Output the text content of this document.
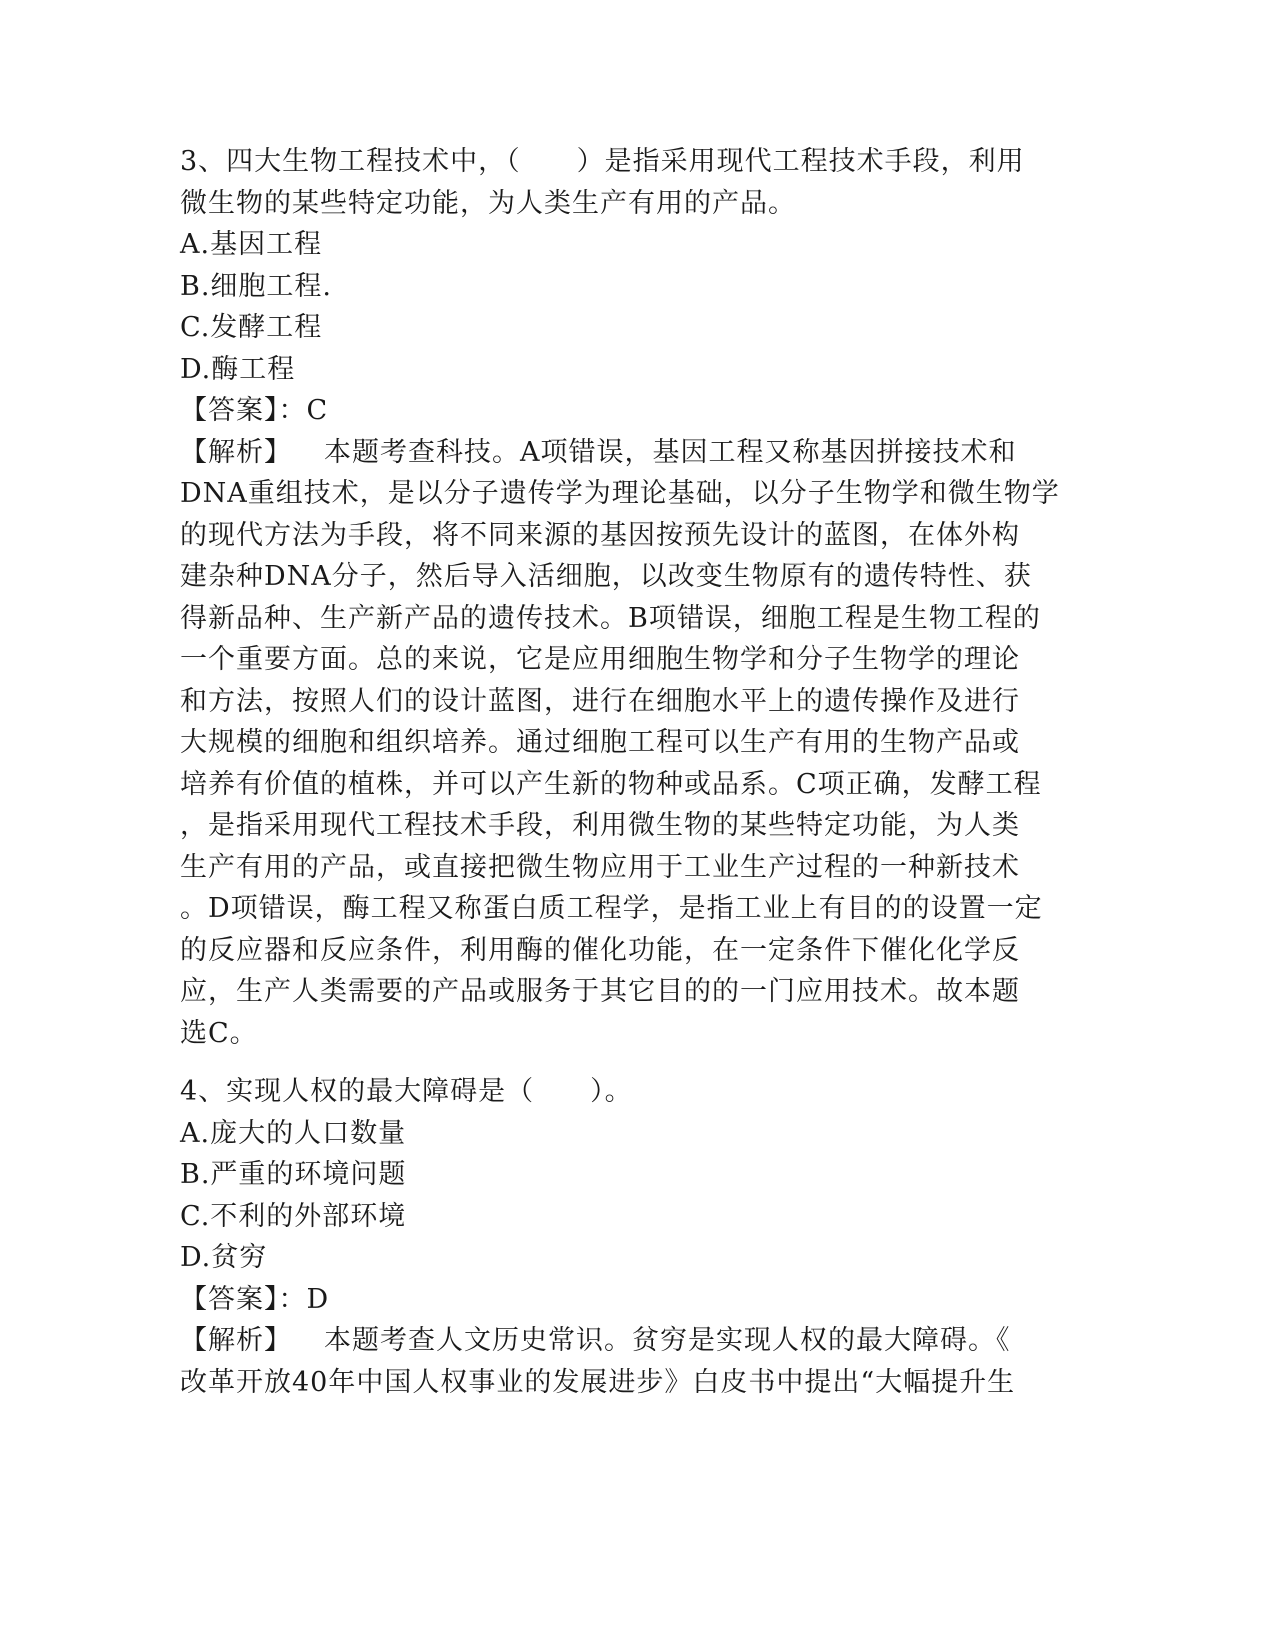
3、四大生物工程技术中，（　　）是指采用现代工程技术手段，利用
微生物的某些特定功能，为人类生产有用的产品。
A.基因工程
B.细胞工程.
C.发酵工程
D.酶工程
【答案】：C
【解析】 本题考查科技。A项错误，基因工程又称基因拼接技术和
DNA重组技术，是以分子遗传学为理论基础，以分子生物学和微生物学
的现代方法为手段，将不同来源的基因按预先设计的蓝图，在体外构
建杂种DNA分子，然后导入活细胞，以改变生物原有的遗传特性、获
得新品种、生产新产品的遗传技术。B项错误，细胞工程是生物工程的
一个重要方面。总的来说，它是应用细胞生物学和分子生物学的理论
和方法，按照人们的设计蓝图，进行在细胞水平上的遗传操作及进行
大规模的细胞和组织培养。通过细胞工程可以生产有用的生物产品或
培养有价值的植株，并可以产生新的物种或品系。C项正确，发酵工程
，是指采用现代工程技术手段，利用微生物的某些特定功能，为人类
生产有用的产品，或直接把微生物应用于工业生产过程的一种新技术
。D项错误，酶工程又称蛋白质工程学，是指工业上有目的的设置一定
的反应器和反应条件，利用酶的催化功能，在一定条件下催化化学反
应，生产人类需要的产品或服务于其它目的的一门应用技术。故本题
选C。
4、实现人权的最大障碍是（　　）。
A.庞大的人口数量
B.严重的环境问题
C.不利的外部环境
D.贫穷
【答案】：D
【解析】 本题考查人文历史常识。贫穷是实现人权的最大障碍。《
改革开放40年中国人权事业的发展进步》白皮书中提出“大幅提升生
